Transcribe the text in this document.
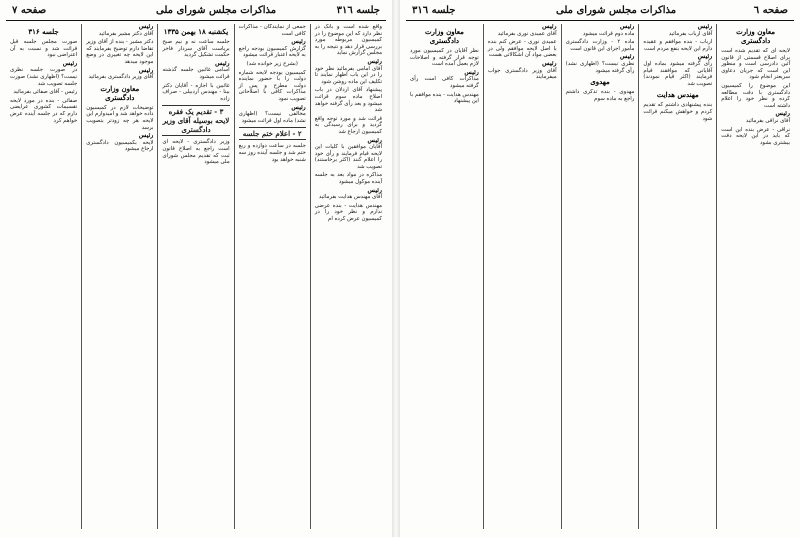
صفحه ٧	مذاکرات مجلس شورای ملی	جلسه ٣١٦
واقع شده است و بانک در نظر دارد که این موضوع را در کمیسیون مربوطه مورد بررسی قرار دهد و نتیجه را به مجلس گزارش نماید
رئیس
آقای امامی بفرمائید نظر خود را در این باب اظهار نمایند تا تکلیف این ماده روشن شود
پیشنهاد آقای اردلان در باب اصلاح ماده سوم قرائت میشود و بعد رأی گرفته خواهد شد
قرائت شد و مورد توجه واقع گردید و برای رسیدگی به کمیسیون ارجاع شد
رئیس
آقایان موافقین با کلیات این لایحه قیام فرمایند و رأی خود را اعلام کنند (اکثر برخاستند) تصویب شد
مذاکره در مواد بعد به جلسه آینده موکول میشود
رئیس
آقای مهندس هدایت بفرمائید
مهندس هدایت - بنده عرضی ندارم و نظر خود را در کمیسیون عرض کرده ام
جمعی از نمایندگان - مذاکرات کافی است
رئیس
گزارش کمیسیون بودجه راجع به لایحه اعتبار قرائت میشود
(بشرح زیر خوانده شد)
کمیسیون بودجه لایحه شماره دولت را با حضور نماینده دولت مطرح و پس از مذاکرات کافی با اصلاحاتی تصویب نمود
رئیس
مخالفی نیست؟ (اظهاری نشد) ماده اول قرائت میشود
۲ - اعلام ختم جلسه
جلسه در ساعت دوازده و ربع ختم شد و جلسه آینده روز سه شنبه خواهد بود
یکشنبه ۱۸ بهمن ۱۳۳۵
جلسه ساعت نه و نیم صبح بریاست آقای سردار فاخر حکمت تشکیل گردید
رئیس
اسامی غائبین جلسه گذشته قرائت میشود
غائبین با اجازه - آقایان دکتر بینا - مهندس اردبیلی - صراف زاده
۳ - تقدیم یک فقره لایحه بوسیله آقای وزیر دادگستری
وزیر دادگستری - لایحه ای است راجع به اصلاح قانون ثبت که تقدیم مجلس شورای ملی میشود
رئیس
آقای دکتر مشیر بفرمائید
دکتر مشیر - بنده از آقای وزیر تقاضا دارم توضیح بفرمایند که این لایحه چه تغییری در وضع موجود میدهد
رئیس
آقای وزیر دادگستری بفرمائید
معاون وزارت دادگستری
توضیحات لازم در کمیسیون داده خواهد شد و امیدوارم این لایحه هر چه زودتر بتصویب برسد
رئیس
لایحه بکمیسیون دادگستری ارجاع میشود
جلسه ۳۱۶
صورت مجلس جلسه قبل قرائت شد و نسبت به آن اعتراضی نبود
رئیس
در صورت جلسه نظری نیست؟ (اظهاری نشد) صورت جلسه تصویب شد
رئیس - آقای صفائی بفرمائید
صفائی - بنده در مورد لایحه تقسیمات کشوری عرایضی دارم که در جلسه آینده عرض خواهم کرد
جلسه ٣١٦	مذاکرات مجلس شورای ملی	صفحه ٦
معاون وزارت دادگستری
لایحه ای که تقدیم شده است برای اصلاح قسمتی از قانون آئین دادرسی است و منظور این است که جریان دعاوی سریعتر انجام شود
این موضوع را کمیسیون دادگستری با دقت مطالعه کرده و نظر خود را اعلام داشته است
رئیس
آقای نراقی بفرمائید
نراقی - عرض بنده این است که باید در این لایحه دقت بیشتری بشود
رئیس
آقای ارباب بفرمائید
ارباب - بنده موافقم و عقیده دارم این لایحه بنفع مردم است
رئیس
رأی گرفته میشود بماده اول آقایانی که موافقند قیام فرمایند (اکثر قیام نمودند) تصویب شد
مهندس هدایت
بنده پیشنهادی داشتم که تقدیم کردم و خواهش میکنم قرائت شود
رئیس
ماده دوم قرائت میشود
ماده ۲ - وزارت دادگستری مأمور اجرای این قانون است
رئیس
نظری نیست؟ (اظهاری نشد) رأی گرفته میشود
مهدوی
مهدوی - بنده تذکری داشتم راجع به ماده سوم
رئیس
آقای عمیدی نوری بفرمائید
عمیدی نوری - عرض کنم بنده با اصل لایحه موافقم ولی در بعضی مواد آن اشکالاتی هست
رئیس
آقای وزیر دادگستری جواب میفرمایند
معاون وزارت دادگستری
نظر آقایان در کمیسیون مورد توجه قرار گرفته و اصلاحات لازم بعمل آمده است
رئیس
مذاکرات کافی است رأی گرفته میشود
مهندس هدایت - بنده موافقم با این پیشنهاد
